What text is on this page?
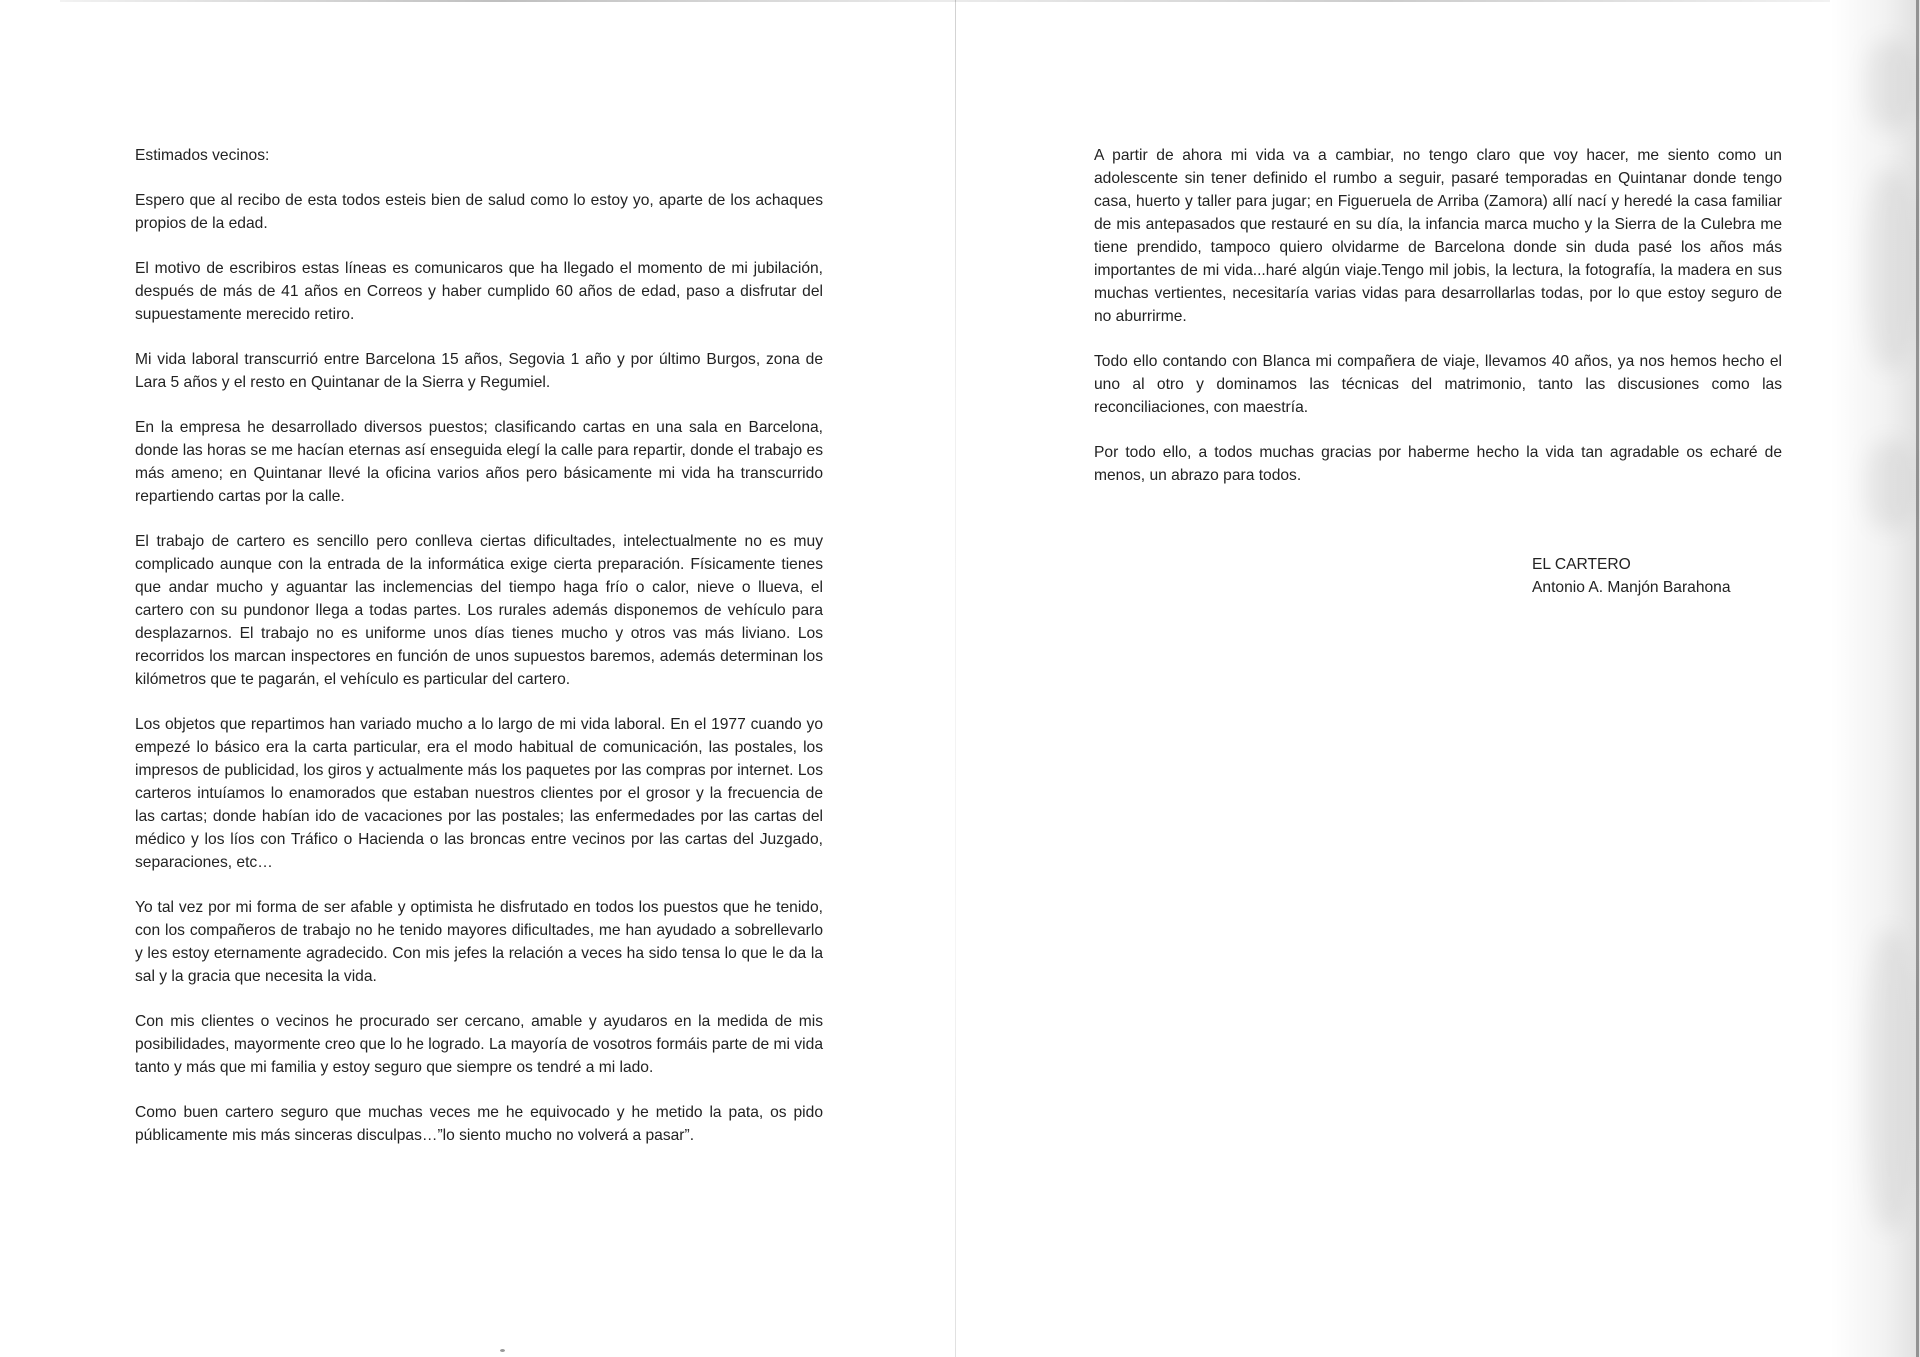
Estimados vecinos:

Espero que al recibo de esta todos esteis bien de salud como lo estoy yo, aparte de los achaques propios de la edad.

El motivo de escribiros estas líneas es comunicaros que ha llegado el momento de mi jubilación, después de más de 41 años en Correos y haber cumplido 60 años de edad, paso a disfrutar del supuestamente merecido retiro.

Mi vida laboral transcurrió entre Barcelona 15 años, Segovia 1 año y por último Burgos, zona de Lara 5 años y el resto en Quintanar de la Sierra y Regumiel.

En la empresa he desarrollado diversos puestos; clasificando cartas en una sala en Barcelona, donde las horas se me hacían eternas así enseguida elegí la calle para repartir, donde el trabajo es más ameno; en Quintanar llevé la oficina varios años pero básicamente mi vida ha transcurrido repartiendo cartas por la calle.

El trabajo de cartero es sencillo pero conlleva ciertas dificultades, intelectualmente no es muy complicado aunque con la entrada de la informática exige cierta preparación. Físicamente tienes que andar mucho y aguantar las inclemencias del tiempo haga frío o calor, nieve o llueva, el cartero con su pundonor llega a todas partes. Los rurales además disponemos de vehículo para desplazarnos. El trabajo no es uniforme unos días tienes mucho y otros vas más liviano. Los recorridos los marcan inspectores en función de unos supuestos baremos, además determinan los kilómetros que te pagarán, el vehículo es particular del cartero.

Los objetos que repartimos han variado mucho a lo largo de mi vida laboral. En el 1977 cuando yo empezé lo básico era la carta particular, era el modo habitual de comunicación, las postales, los impresos de publicidad, los giros y actualmente más los paquetes por las compras por internet. Los carteros intuíamos lo enamorados que estaban nuestros clientes por el grosor y la frecuencia de las cartas; donde habían ido de vacaciones por las postales; las enfermedades por las cartas del médico y los líos con Tráfico o Hacienda o las broncas entre vecinos por las cartas del Juzgado, separaciones, etc…

Yo tal vez por mi forma de ser afable y optimista he disfrutado en todos los puestos que he tenido, con los compañeros de trabajo no he tenido mayores dificultades, me han ayudado a sobrellevarlo y les estoy eternamente agradecido. Con mis jefes la relación a veces ha sido tensa lo que le da la sal y la gracia que necesita la vida.

Con mis clientes o vecinos he procurado ser cercano, amable y ayudaros en la medida de mis posibilidades, mayormente creo que lo he logrado. La mayoría de vosotros formáis parte de mi vida tanto y más que mi familia y estoy seguro que siempre os tendré a mi lado.

Como buen cartero seguro que muchas veces me he equivocado y he metido la pata, os pido públicamente mis más sinceras disculpas…”lo siento mucho no volverá a pasar”.

A partir de ahora mi vida va a cambiar, no tengo claro que voy hacer, me siento como un adolescente sin tener definido el rumbo a seguir, pasaré temporadas en Quintanar donde tengo casa, huerto y taller para jugar; en Figueruela de Arriba (Zamora) allí nací y heredé la casa familiar de mis antepasados que restauré en su día, la infancia marca mucho y la Sierra de la Culebra me tiene prendido, tampoco quiero olvidarme de Barcelona donde sin duda pasé los años más importantes de mi vida...haré algún viaje.Tengo mil jobis, la lectura, la fotografía, la madera en sus muchas vertientes, necesitaría varias vidas para desarrollarlas todas, por lo que estoy seguro de no aburrirme.

Todo ello contando con Blanca mi compañera de viaje, llevamos 40 años, ya nos hemos hecho el uno al otro y dominamos las técnicas del matrimonio, tanto las discusiones como las reconciliaciones, con maestría.

Por todo ello, a todos muchas gracias por haberme hecho la vida tan agradable os echaré de menos, un abrazo para todos.

EL CARTERO
Antonio A. Manjón Barahona
